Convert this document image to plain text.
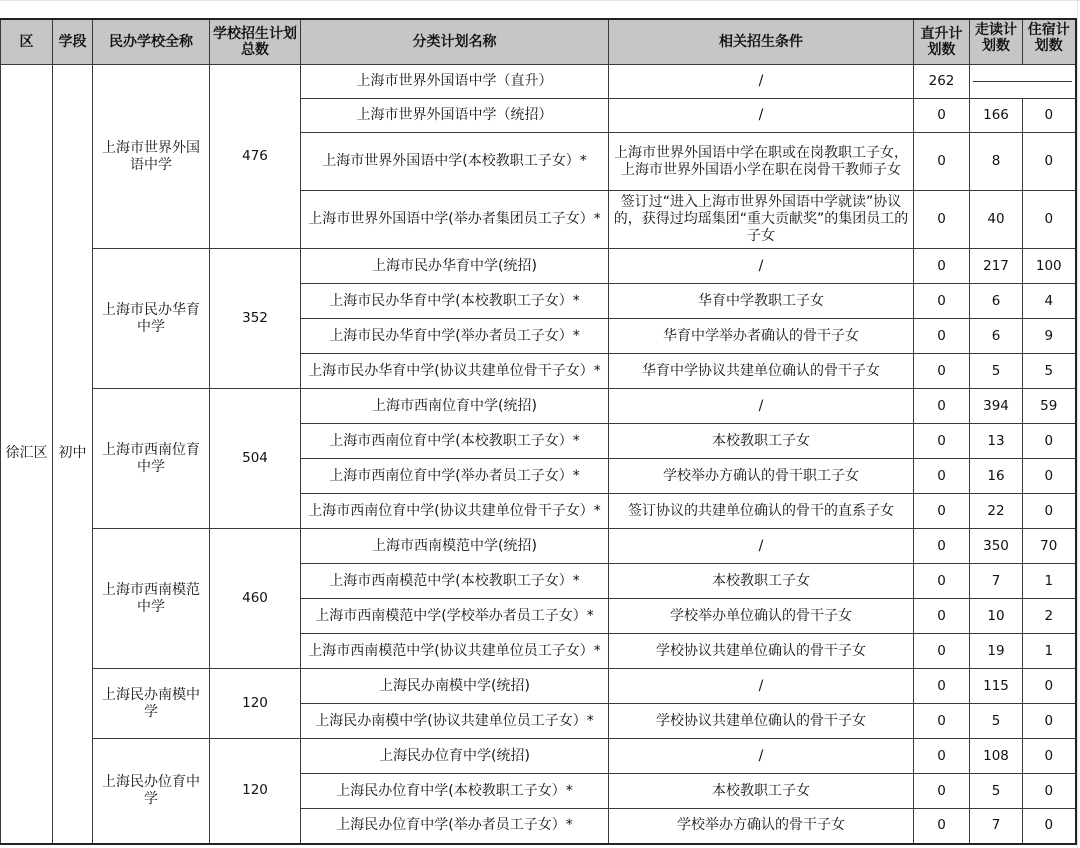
区	学段	民办学校全称	学校招生计划总数	分类计划名称	相关招生条件	直升计划数	走读计划数	住宿计划数

徐汇区	初中	上海市世界外国语中学	476	上海市世界外国语中学（直升）	/	262		

				上海市世界外国语中学（统招）	/	0	166	0
				上海市世界外国语中学(本校教职工子女）*	上海市世界外国语中学在职或在岗教职工子女，上海市世界外国语小学在职在岗骨干教师子女	0	8	0
				上海市世界外国语中学(举办者集团员工子女）*	签订过“进入上海市世界外国语中学就读”协议的，获得过均瑶集团“重大贡献奖”的集团员工的子女	0	40	0
		上海市民办华育中学	352	上海市民办华育中学(统招)	/	0	217	100
				上海市民办华育中学(本校教职工子女）*	华育中学教职工子女	0	6	4
				上海市民办华育中学(举办者员工子女）*	华育中学举办者确认的骨干子女	0	6	9
				上海市民办华育中学(协议共建单位骨干子女）*	华育中学协议共建单位确认的骨干子女	0	5	5
		上海市西南位育中学	504	上海市西南位育中学(统招)	/	0	394	59
				上海市西南位育中学(本校教职工子女）*	本校教职工子女	0	13	0
				上海市西南位育中学(举办者员工子女）*	学校举办方确认的骨干职工子女	0	16	0
				上海市西南位育中学(协议共建单位骨干子女）*	签订协议的共建单位确认的骨干的直系子女	0	22	0
		上海市西南模范中学	460	上海市西南模范中学(统招)	/	0	350	70
				上海市西南模范中学(本校教职工子女）*	本校教职工子女	0	7	1
				上海市西南模范中学(学校举办者员工子女）*	学校举办单位确认的骨干子女	0	10	2
				上海市西南模范中学(协议共建单位员工子女）*	学校协议共建单位确认的骨干子女	0	19	1
		上海民办南模中学	120	上海民办南模中学(统招)	/	0	115	0
				上海民办南模中学(协议共建单位员工子女）*	学校协议共建单位确认的骨干子女	0	5	0
		上海民办位育中学	120	上海民办位育中学(统招)	/	0	108	0
				上海民办位育中学(本校教职工子女）*	本校教职工子女	0	5	0
				上海民办位育中学(举办者员工子女）*	学校举办方确认的骨干子女	0	7	0
